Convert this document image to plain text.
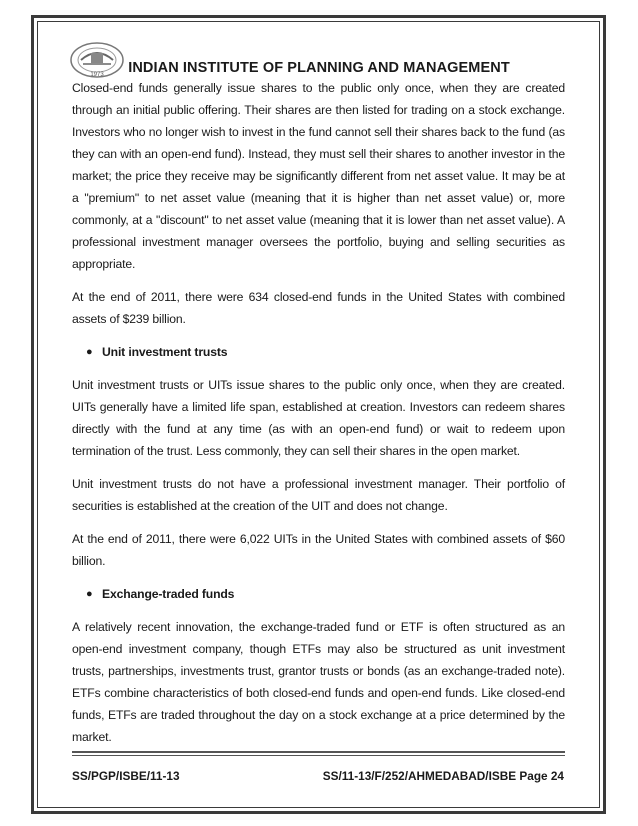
1973	INDIAN INSTITUTE OF PLANNING AND MANAGEMENT

Closed-end funds generally issue shares to the public only once, when they are created through an initial public offering. Their shares are then listed for trading on a stock exchange. Investors who no longer wish to invest in the fund cannot sell their shares back to the fund (as they can with an open-end fund). Instead, they must sell their shares to another investor in the market; the price they receive may be significantly different from net asset value. It may be at a "premium" to net asset value (meaning that it is higher than net asset value) or, more commonly, at a "discount" to net asset value (meaning that it is lower than net asset value). A professional investment manager oversees the portfolio, buying and selling securities as appropriate.

At the end of 2011, there were 634 closed-end funds in the United States with combined assets of $239 billion.

● Unit investment trusts

Unit investment trusts or UITs issue shares to the public only once, when they are created. UITs generally have a limited life span, established at creation. Investors can redeem shares directly with the fund at any time (as with an open-end fund) or wait to redeem upon termination of the trust. Less commonly, they can sell their shares in the open market.

Unit investment trusts do not have a professional investment manager. Their portfolio of securities is established at the creation of the UIT and does not change.

At the end of 2011, there were 6,022 UITs in the United States with combined assets of $60 billion.

● Exchange-traded funds

A relatively recent innovation, the exchange-traded fund or ETF is often structured as an open-end investment company, though ETFs may also be structured as unit investment trusts, partnerships, investments trust, grantor trusts or bonds (as an exchange-traded note). ETFs combine characteristics of both closed-end funds and open-end funds. Like closed-end funds, ETFs are traded throughout the day on a stock exchange at a price determined by the market.

SS/PGP/ISBE/11-13	SS/11-13/F/252/AHMEDABAD/ISBE Page 24
